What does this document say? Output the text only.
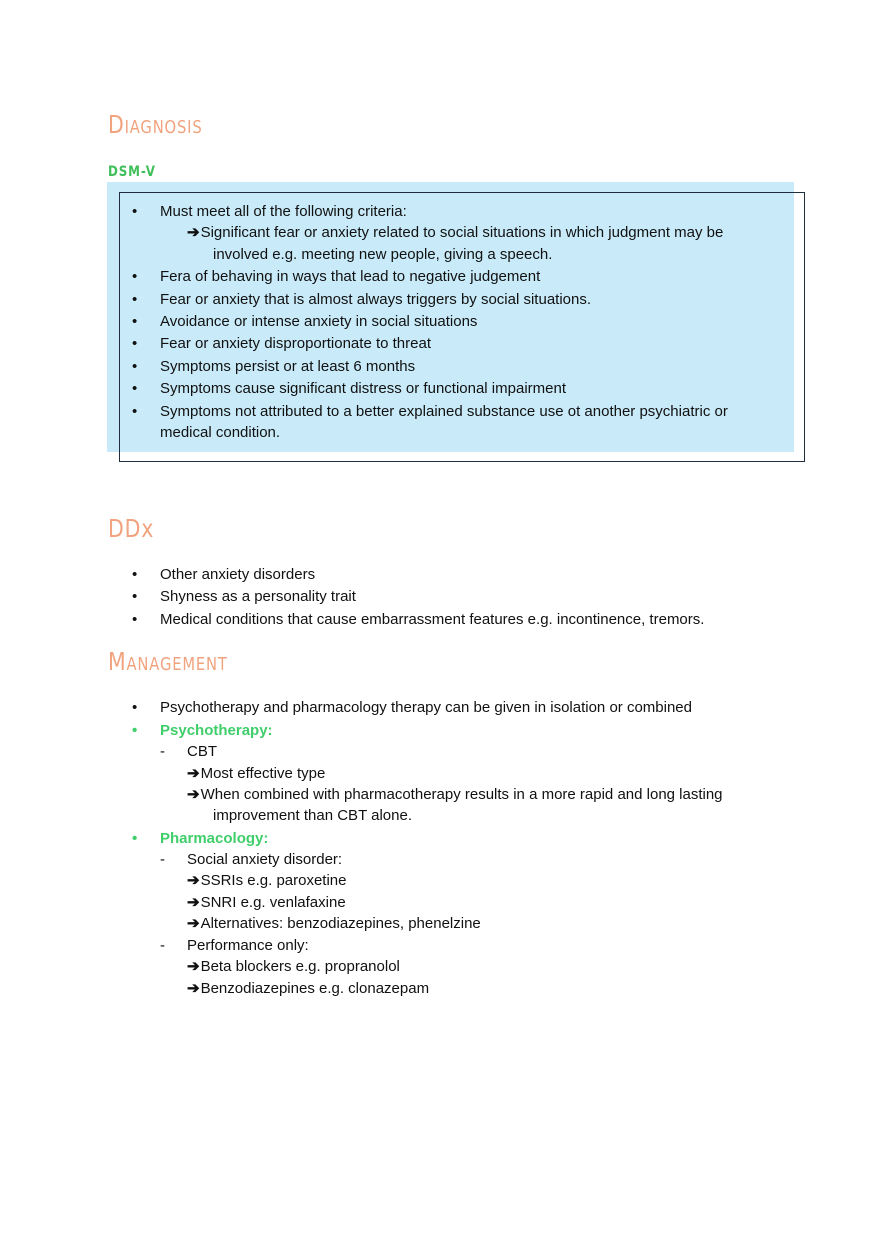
Diagnosis
DSM-V
• Must meet all of the following criteria:
➔Significant fear or anxiety related to social situations in which judgment may be
involved e.g. meeting new people, giving a speech.
• Fera of behaving in ways that lead to negative judgement
• Fear or anxiety that is almost always triggers by social situations.
• Avoidance or intense anxiety in social situations
• Fear or anxiety disproportionate to threat
• Symptoms persist or at least 6 months
• Symptoms cause significant distress or functional impairment
• Symptoms not attributed to a better explained substance use ot another psychiatric or
medical condition.
DDx
• Other anxiety disorders
• Shyness as a personality trait
• Medical conditions that cause embarrassment features e.g. incontinence, tremors.
Management
• Psychotherapy and pharmacology therapy can be given in isolation or combined
• Psychotherapy:
- CBT
➔Most effective type
➔When combined with pharmacotherapy results in a more rapid and long lasting
improvement than CBT alone.
• Pharmacology:
- Social anxiety disorder:
➔SSRIs e.g. paroxetine
➔SNRI e.g. venlafaxine
➔Alternatives: benzodiazepines, phenelzine
- Performance only:
➔Beta blockers e.g. propranolol
➔Benzodiazepines e.g. clonazepam
